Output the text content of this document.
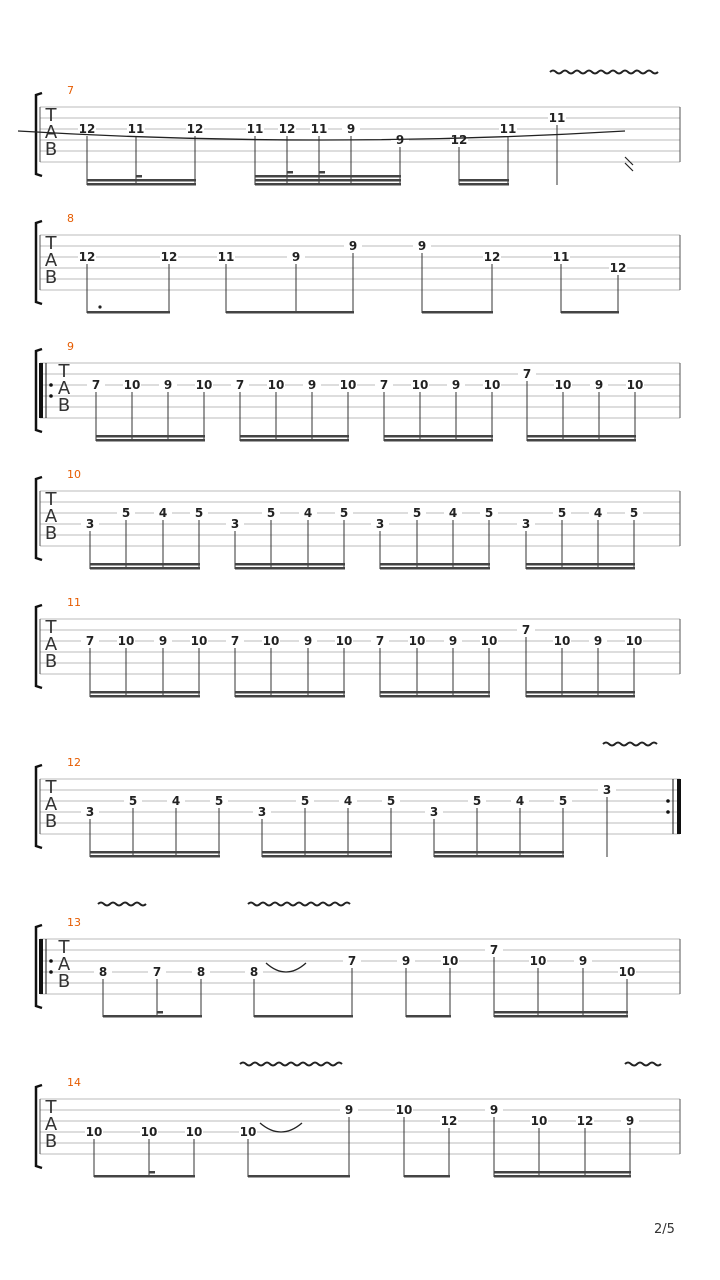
T
A
B
7
12	11	12	11 12 11 9
9	12
11
11
T
A
B
8
12	12	11	9
9	9
12	11
12
T
A
B
9
7 10 9 10 7 10 9 10 7 10 9 10
7
10 9 10
T
A
B
10
3
5 4 5
3
5 4 5
3
5 4 5
3
5 4 5
T
A
B
11
7 10 9 10 7 10 9 10 7 10 9 10
7
10 9 10
T
A
B
12
3
5	4	5
3
5	4	5
3
5	4	5
3
T
A
B
13
8	7	8	8
7	9	10
7
10	9
10
T
A
B
14
10	10 10	10
9	10
12
9
10 12	9
2/5
